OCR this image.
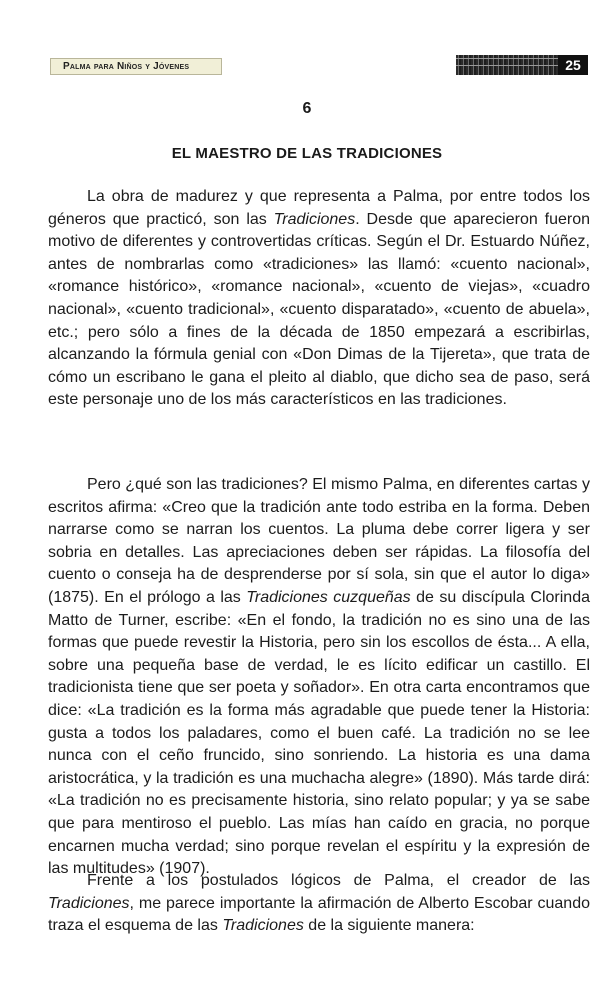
Palma para Niños y Jóvenes	25
6
EL MAESTRO DE LAS TRADICIONES

La obra de madurez y que representa a Palma, por entre todos los géneros que practicó, son las Tradiciones. Desde que aparecieron fueron motivo de diferentes y controvertidas críticas. Según el Dr. Estuardo Núñez, antes de nombrarlas como «tradiciones» las llamó: «cuento nacional», «romance histórico», «romance nacional», «cuento de viejas», «cuadro nacional», «cuento tradicional», «cuento disparatado», «cuento de abuela», etc.; pero sólo a fines de la década de 1850 empezará a escribirlas, alcanzando la fórmula genial con «Don Dimas de la Tijereta», que trata de cómo un escribano le gana el pleito al diablo, que dicho sea de paso, será este personaje uno de los más característicos en las tradiciones.

Pero ¿qué son las tradiciones? El mismo Palma, en diferentes cartas y escritos afirma: «Creo que la tradición ante todo estriba en la forma. Deben narrarse como se narran los cuentos. La pluma debe correr ligera y ser sobria en detalles. Las apreciaciones deben ser rápidas. La filosofía del cuento o conseja ha de desprenderse por sí sola, sin que el autor lo diga» (1875). En el prólogo a las Tradiciones cuzqueñas de su discípula Clorinda Matto de Turner, escribe: «En el fondo, la tradición no es sino una de las formas que puede revestir la Historia, pero sin los escollos de ésta... A ella, sobre una pequeña base de verdad, le es lícito edificar un castillo. El tradicionista tiene que ser poeta y soñador». En otra carta encontramos que dice: «La tradición es la forma más agradable que puede tener la Historia: gusta a todos los paladares, como el buen café. La tradición no se lee nunca con el ceño fruncido, sino sonriendo. La historia es una dama aristocrática, y la tradición es una muchacha alegre» (1890). Más tarde dirá: «La tradición no es precisamente historia, sino relato popular; y ya se sabe que para mentiroso el pueblo. Las mías han caído en gracia, no porque encarnen mucha verdad; sino porque revelan el espíritu y la expresión de las multitudes» (1907).

Frente a los postulados lógicos de Palma, el creador de las Tradiciones, me parece importante la afirmación de Alberto Escobar cuando traza el esquema de las Tradiciones de la siguiente manera:
